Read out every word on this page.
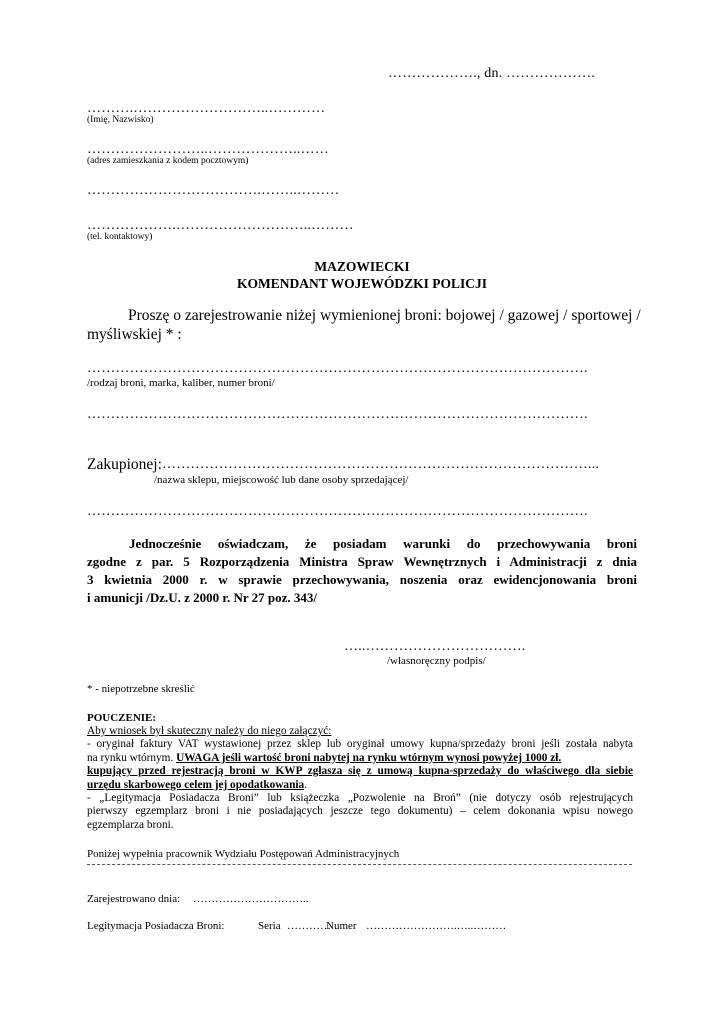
………………., dn. ……………….
……….………………………..…………
(Imię, Nazwisko)
……………………..………………..……
(adres zamieszkania z kodem pocztowym)
……………………………….……..………
……………….………………………..………
(tel. kontaktowy)
MAZOWIECKI
KOMENDANT WOJEWÓDZKI POLICJI
Proszę o zarejestrowanie niżej wymienionej broni: bojowej / gazowej / sportowej /
myśliwskiej * :
…………………………………………………………………………………………….
/rodzaj broni, marka, kaliber, numer broni/
…………………………………………………………………………………………….
Zakupionej: ………………………………………………………………………………...
/nazwa sklepu, miejscowość lub dane osoby sprzedającej/
…………………………………………………………………………………………….
Jednocześnie oświadczam, że posiadam warunki do przechowywania broni
zgodne z par. 5 Rozporządzenia Ministra Spraw Wewnętrznych i Administracji z dnia
3 kwietnia 2000 r. w sprawie przechowywania, noszenia oraz ewidencjonowania broni
i amunicji /Dz.U. z 2000 r. Nr 27 poz. 343/
…..…………………………….
/własnoręczny podpis/
* - niepotrzebne skreślić
POUCZENIE:
Aby wniosek był skuteczny należy do niego załączyć:
- oryginał faktury VAT wystawionej przez sklep lub oryginał umowy kupna/sprzedaży broni jeśli została nabyta
na rynku wtórnym. UWAGA jeśli wartość broni nabytej na rynku wtórnym wynosi powyżej 1000 zł.
kupujący przed rejestracją broni w KWP zgłasza się z umową kupna-sprzedaży do właściwego dla siebie
urzędu skarbowego celem jej opodatkowania.
- „Legitymacja Posiadacza Broni” lub książeczka „Pozwolenie na Broń” (nie dotyczy osób rejestrujących
pierwszy egzemplarz broni i nie posiadających jeszcze tego dokumentu) – celem dokonania wpisu nowego
egzemplarza broni.
Poniżej wypełnia pracownik Wydziału Postępowań Administracyjnych
Zarejestrowano dnia: …………………………..
Legitymacja Posiadacza Broni:	Seria …………
Numer …………………….…..………
